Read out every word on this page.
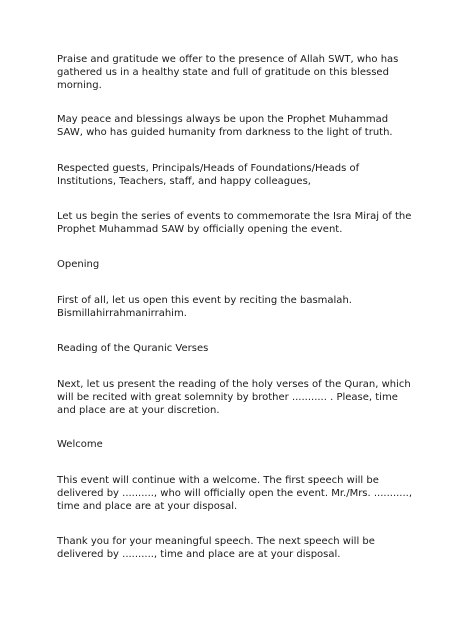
Praise and gratitude we offer to the presence of Allah SWT, who has gathered us in a healthy state and full of gratitude on this blessed morning.

May peace and blessings always be upon the Prophet Muhammad SAW, who has guided humanity from darkness to the light of truth.

Respected guests, Principals/Heads of Foundations/Heads of Institutions, Teachers, staff, and happy colleagues,

Let us begin the series of events to commemorate the Isra Miraj of the Prophet Muhammad SAW by officially opening the event.

Opening

First of all, let us open this event by reciting the basmalah. Bismillahirrahmanirrahim.

Reading of the Quranic Verses

Next, let us present the reading of the holy verses of the Quran, which will be recited with great solemnity by brother ........... . Please, time and place are at your discretion.

Welcome

This event will continue with a welcome. The first speech will be delivered by .........., who will officially open the event. Mr./Mrs. ..........., time and place are at your disposal.

Thank you for your meaningful speech. The next speech will be delivered by .........., time and place are at your disposal.
